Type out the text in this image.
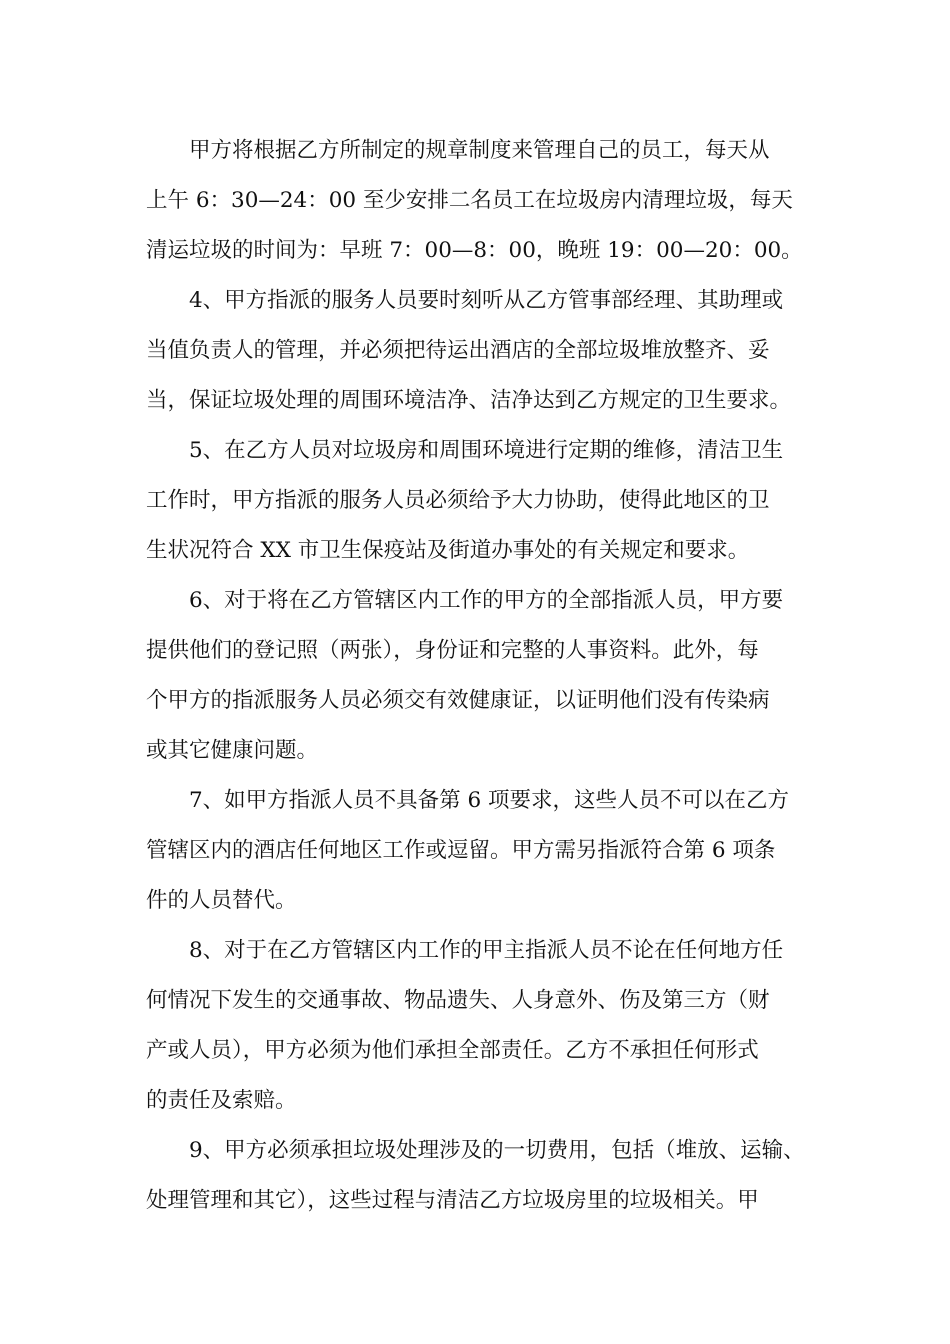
甲方将根据乙方所制定的规章制度来管理自己的员工，每天从
上午 6：30—24：00 至少安排二名员工在垃圾房内清理垃圾，每天
清运垃圾的时间为：早班 7：00—8：00，晚班 19：00—20：00。
4、甲方指派的服务人员要时刻听从乙方管事部经理、其助理或
当值负责人的管理，并必须把待运出酒店的全部垃圾堆放整齐、妥
当，保证垃圾处理的周围环境洁净、洁净达到乙方规定的卫生要求。
5、在乙方人员对垃圾房和周围环境进行定期的维修，清洁卫生
工作时，甲方指派的服务人员必须给予大力协助，使得此地区的卫
生状况符合 XX 市卫生保疫站及街道办事处的有关规定和要求。
6、对于将在乙方管辖区内工作的甲方的全部指派人员，甲方要
提供他们的登记照（两张），身份证和完整的人事资料。此外，每
个甲方的指派服务人员必须交有效健康证，以证明他们没有传染病
或其它健康问题。
7、如甲方指派人员不具备第 6 项要求，这些人员不可以在乙方
管辖区内的酒店任何地区工作或逗留。甲方需另指派符合第 6 项条
件的人员替代。
8、对于在乙方管辖区内工作的甲主指派人员不论在任何地方任
何情况下发生的交通事故、物品遗失、人身意外、伤及第三方（财
产或人员），甲方必须为他们承担全部责任。乙方不承担任何形式
的责任及索赔。
9、甲方必须承担垃圾处理涉及的一切费用，包括（堆放、运输、
处理管理和其它），这些过程与清洁乙方垃圾房里的垃圾相关。甲
